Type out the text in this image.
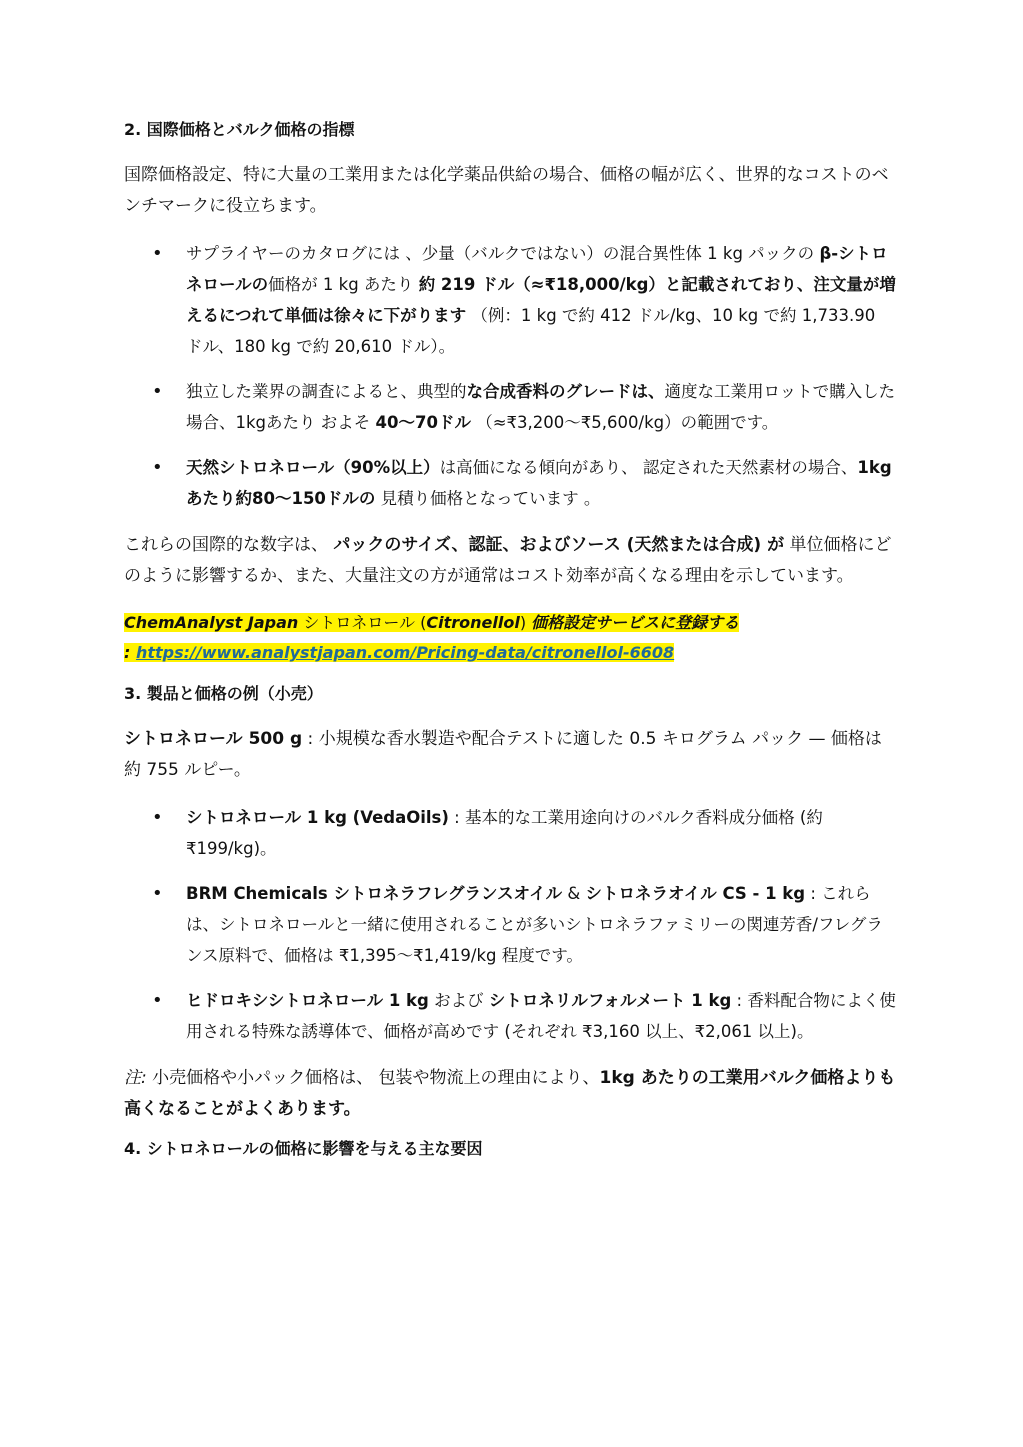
2. 国際価格とバルク価格の指標
国際価格設定、特に大量の工業用または化学薬品供給の場合、価格の幅が広く、世界的なコストのベンチマークに役立ちます。
• サプライヤーのカタログには 、少量（バルクではない）の混合異性体 1 kg パックの β-シトロネロールの価格が 1 kg あたり 約 219 ドル（≈₹18,000/kg）と記載されており、注文量が増えるにつれて単価は徐々に下がります （例：1 kg で約 412 ドル/kg、10 kg で約 1,733.90 ドル、180 kg で約 20,610 ドル）。
• 独立した業界の調査によると、典型的な合成香料のグレードは、適度な工業用ロットで購入した場合、1kgあたり およそ 40〜70ドル （≈₹3,200〜₹5,600/kg）の範囲です。
• 天然シトロネロール（90%以上）は高価になる傾向があり、 認定された天然素材の場合、1kgあたり約80〜150ドルの 見積り価格となっています 。
これらの国際的な数字は、 パックのサイズ、認証、およびソース (天然または合成) が 単位価格にどのように影響するか、また、大量注文の方が通常はコスト効率が高くなる理由を示しています。
ChemAnalyst Japan シトロネロール (Citronellol) 価格設定サービスに登録する
: https://www.analystjapan.com/Pricing-data/citronellol-6608
3. 製品と価格の例（小売）
シトロネロール 500 g : 小規模な香水製造や配合テストに適した 0.5 キログラム パック — 価格は約 755 ルピー。
• シトロネロール 1 kg (VedaOils) : 基本的な工業用途向けのバルク香料成分価格 (約 ₹199/kg)。
• BRM Chemicals シトロネラフレグランスオイル & シトロネラオイル CS - 1 kg : これらは、シトロネロールと一緒に使用されることが多いシトロネラファミリーの関連芳香/フレグランス原料で、価格は ₹1,395〜₹1,419/kg 程度です。
• ヒドロキシシトロネロール 1 kg および シトロネリルフォルメート 1 kg : 香料配合物によく使用される特殊な誘導体で、価格が高めです (それぞれ ₹3,160 以上、₹2,061 以上)。
注: 小売価格や小パック価格は、 包装や物流上の理由により、1kg あたりの工業用バルク価格よりも高くなることがよくあります。
4. シトロネロールの価格に影響を与える主な要因
